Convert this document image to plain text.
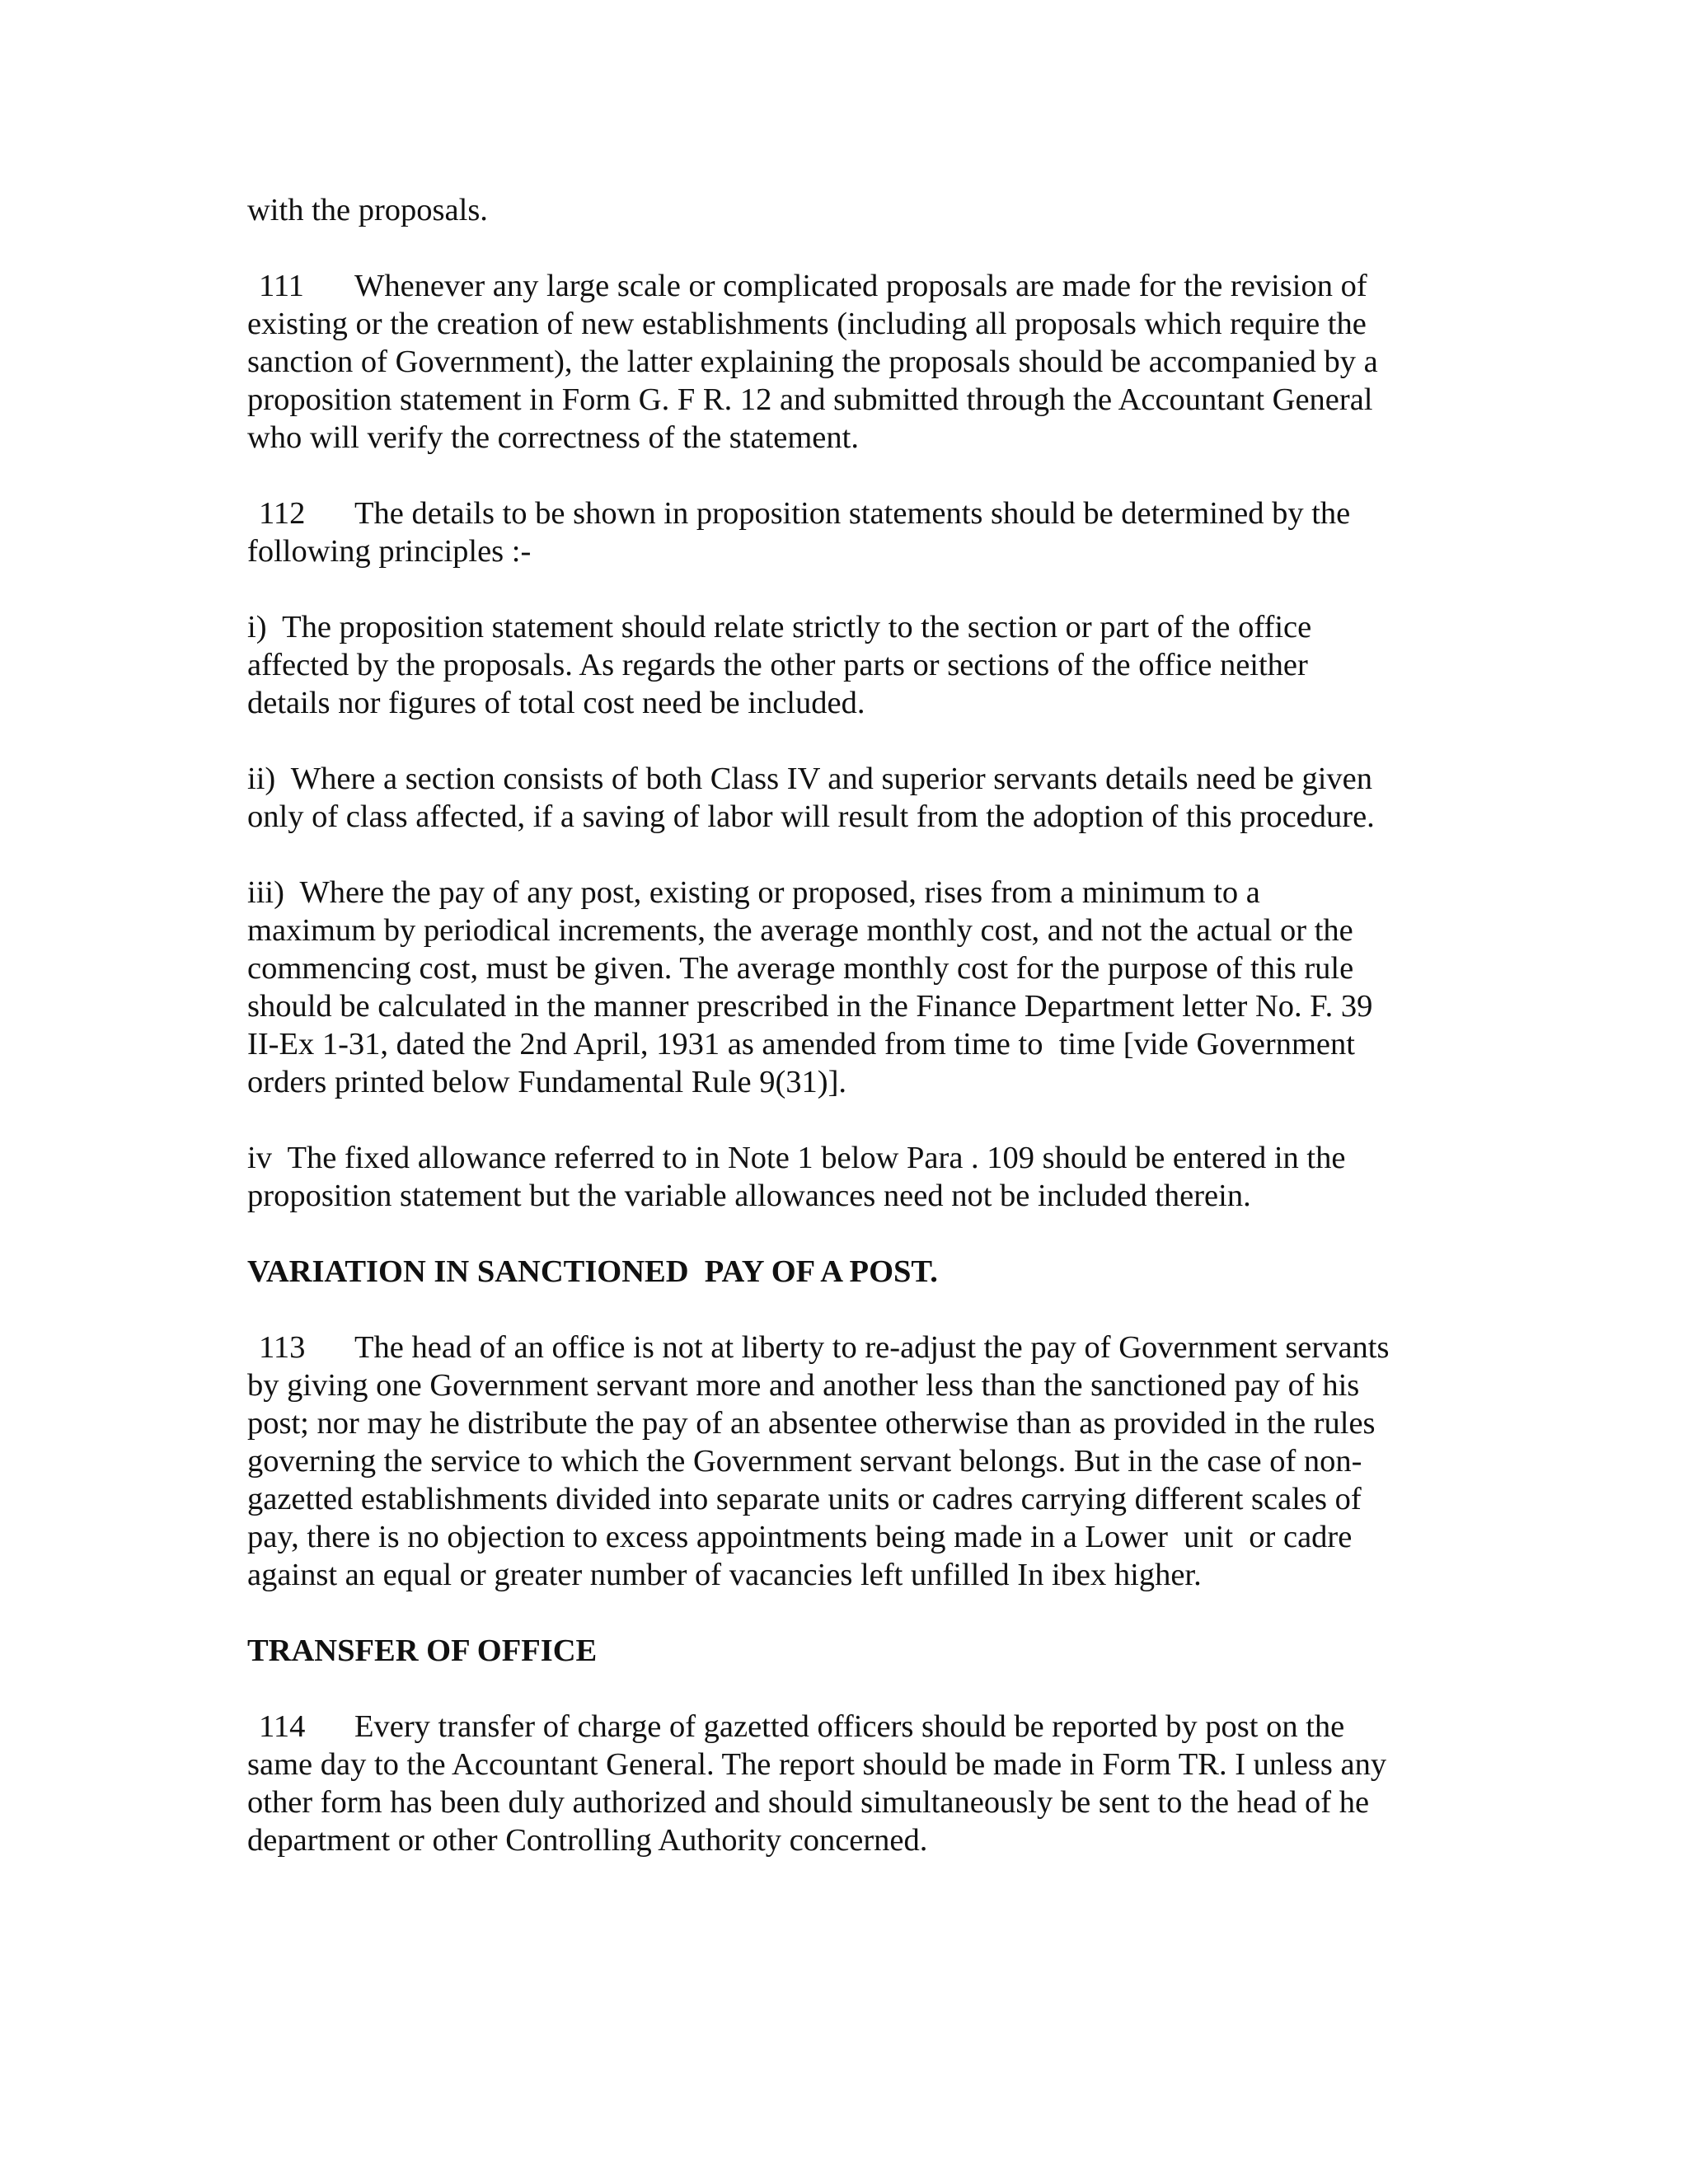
with the proposals.
111 Whenever any large scale or complicated proposals are made for the revision of
existing or the creation of new establishments (including all proposals which require the
sanction of Government), the latter explaining the proposals should be accompanied by a
proposition statement in Form G. F R. 12 and submitted through the Accountant General
who will verify the correctness of the statement.
112 The details to be shown in proposition statements should be determined by the
following principles :-
i)  The proposition statement should relate strictly to the section or part of the office
affected by the proposals. As regards the other parts or sections of the office neither
details nor figures of total cost need be included.
ii)  Where a section consists of both Class IV and superior servants details need be given
only of class affected, if a saving of labor will result from the adoption of this procedure.
iii)  Where the pay of any post, existing or proposed, rises from a minimum to a
maximum by periodical increments, the average monthly cost, and not the actual or the
commencing cost, must be given. The average monthly cost for the purpose of this rule
should be calculated in the manner prescribed in the Finance Department letter No. F. 39
II-Ex 1-31, dated the 2nd April, 1931 as amended from time to  time [vide Government
orders printed below Fundamental Rule 9(31)].
iv  The fixed allowance referred to in Note 1 below Para . 109 should be entered in the
proposition statement but the variable allowances need not be included therein.
VARIATION IN SANCTIONED  PAY OF A POST.
113 The head of an office is not at liberty to re-adjust the pay of Government servants
by giving one Government servant more and another less than the sanctioned pay of his
post; nor may he distribute the pay of an absentee otherwise than as provided in the rules
governing the service to which the Government servant belongs. But in the case of non-
gazetted establishments divided into separate units or cadres carrying different scales of
pay, there is no objection to excess appointments being made in a Lower  unit  or cadre
against an equal or greater number of vacancies left unfilled In ibex higher.
TRANSFER OF OFFICE
114 Every transfer of charge of gazetted officers should be reported by post on the
same day to the Accountant General. The report should be made in Form TR. I unless any
other form has been duly authorized and should simultaneously be sent to the head of he
department or other Controlling Authority concerned.
